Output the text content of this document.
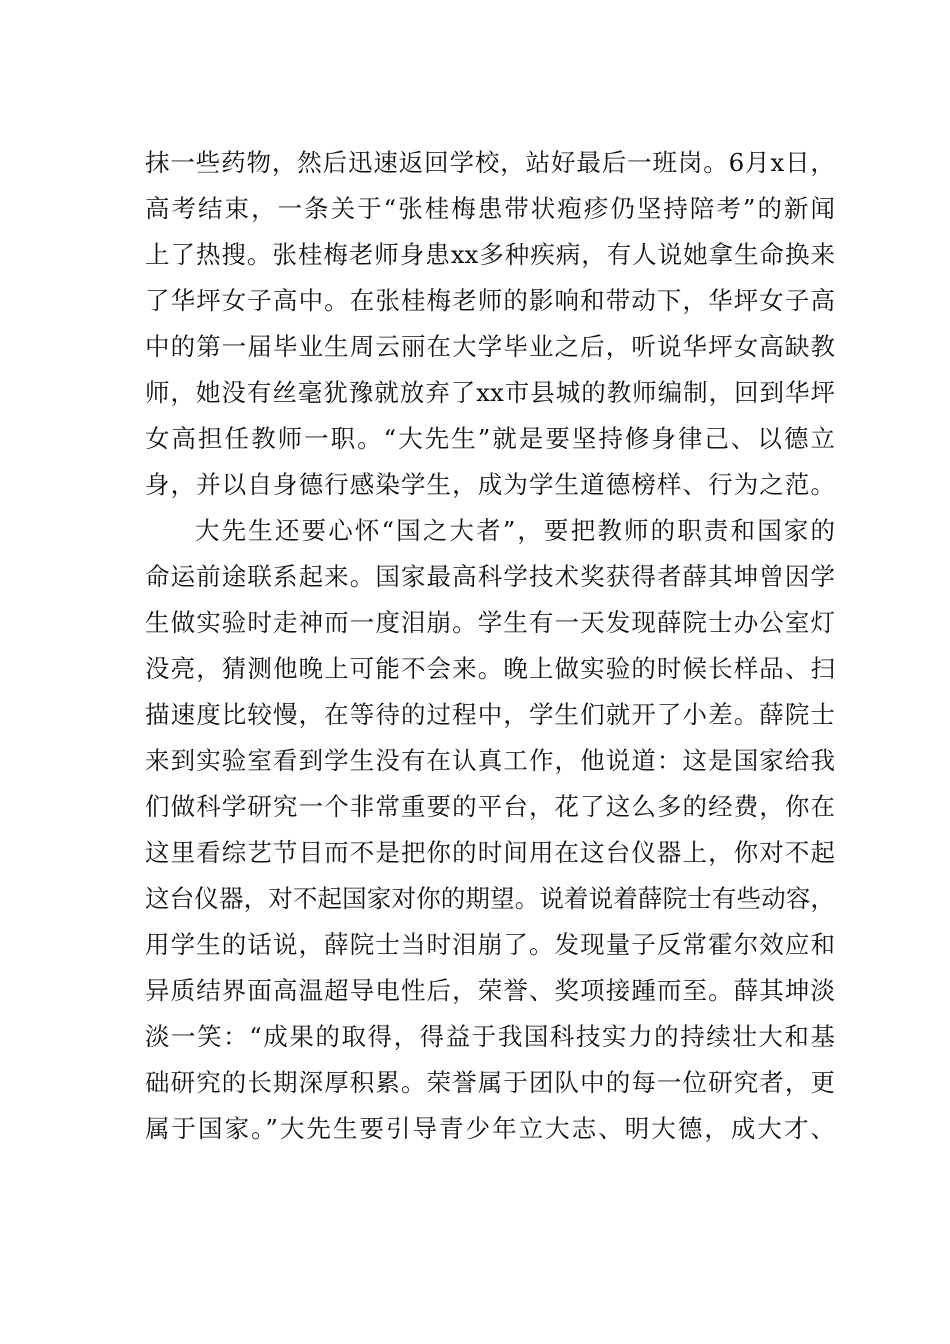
抹一些药物，然后迅速返回学校，站好最后一班岗。6月x日，
高考结束，一条关于“张桂梅患带状疱疹仍坚持陪考”的新闻
上了热搜。张桂梅老师身患xx多种疾病，有人说她拿生命换来
了华坪女子高中。在张桂梅老师的影响和带动下，华坪女子高
中的第一届毕业生周云丽在大学毕业之后，听说华坪女高缺教
师，她没有丝毫犹豫就放弃了xx市县城的教师编制，回到华坪
女高担任教师一职。“大先生”就是要坚持修身律己、以德立
身，并以自身德行感染学生，成为学生道德榜样、行为之范。
大先生还要心怀“国之大者”，要把教师的职责和国家的
命运前途联系起来。国家最高科学技术奖获得者薛其坤曾因学
生做实验时走神而一度泪崩。学生有一天发现薛院士办公室灯
没亮，猜测他晚上可能不会来。晚上做实验的时候长样品、扫
描速度比较慢，在等待的过程中，学生们就开了小差。薛院士
来到实验室看到学生没有在认真工作，他说道：这是国家给我
们做科学研究一个非常重要的平台，花了这么多的经费，你在
这里看综艺节目而不是把你的时间用在这台仪器上，你对不起
这台仪器，对不起国家对你的期望。说着说着薛院士有些动容，
用学生的话说，薛院士当时泪崩了。发现量子反常霍尔效应和
异质结界面高温超导电性后，荣誉、奖项接踵而至。薛其坤淡
淡一笑：“成果的取得，得益于我国科技实力的持续壮大和基
础研究的长期深厚积累。荣誉属于团队中的每一位研究者，更
属于国家。”大先生要引导青少年立大志、明大德，成大才、
